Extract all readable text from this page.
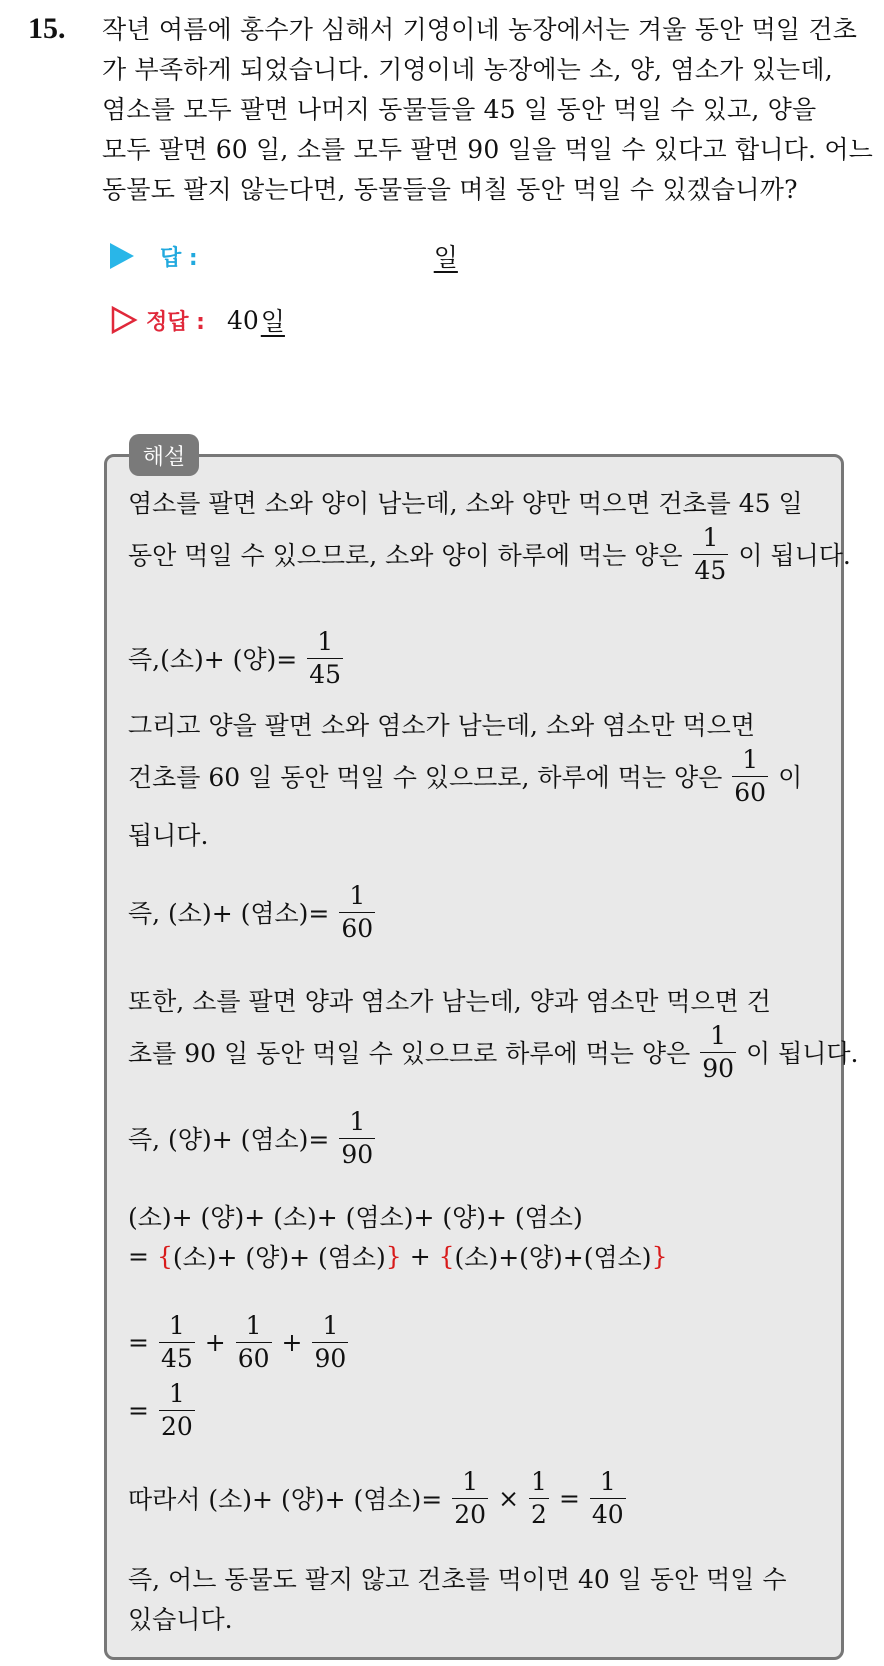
15. 작년 여름에 홍수가 심해서 기영이네 농장에서는 겨울 동안 먹일 건초
가 부족하게 되었습니다. 기영이네 농장에는 소, 양, 염소가 있는데,
염소를 모두 팔면 나머지 동물들을 45 일 동안 먹일 수 있고, 양을
모두 팔면 60 일, 소를 모두 팔면 90 일을 먹일 수 있다고 합니다. 어느
동물도 팔지 않는다면, 동물들을 며칠 동안 먹일 수 있겠습니까?
답 :	일
정답 : 40 일
해설
염소를 팔면 소와 양이 남는데, 소와 양만 먹으면 건초를 45 일
동안 먹일 수 있으므로, 소와 양이 하루에 먹는 양은 $\frac{1}{45}$ 이 됩니다.
즉,(소)+ (양)= $\frac{1}{45}$
그리고 양을 팔면 소와 염소가 남는데, 소와 염소만 먹으면
건초를 60 일 동안 먹일 수 있으므로, 하루에 먹는 양은 $\frac{1}{60}$ 이
됩니다.
즉, (소)+ (염소)= $\frac{1}{60}$
또한, 소를 팔면 양과 염소가 남는데, 양과 염소만 먹으면 건
초를 90 일 동안 먹일 수 있으므로 하루에 먹는 양은 $\frac{1}{90}$ 이 됩니다.
즉, (양)+ (염소)= $\frac{1}{90}$
(소)+ (양)+ (소)+ (염소)+ (양)+ (염소)
= { (소)+ (양)+ (염소) } + { (소)+(양)+(염소) }
= $\frac{1}{45} + \frac{1}{60} + \frac{1}{90}$
= $\frac{1}{20}$
따라서 (소)+ (양)+ (염소)= $\frac{1}{20} \times \frac{1}{2} = \frac{1}{40}$
즉, 어느 동물도 팔지 않고 건초를 먹이면 40 일 동안 먹일 수
있습니다.
